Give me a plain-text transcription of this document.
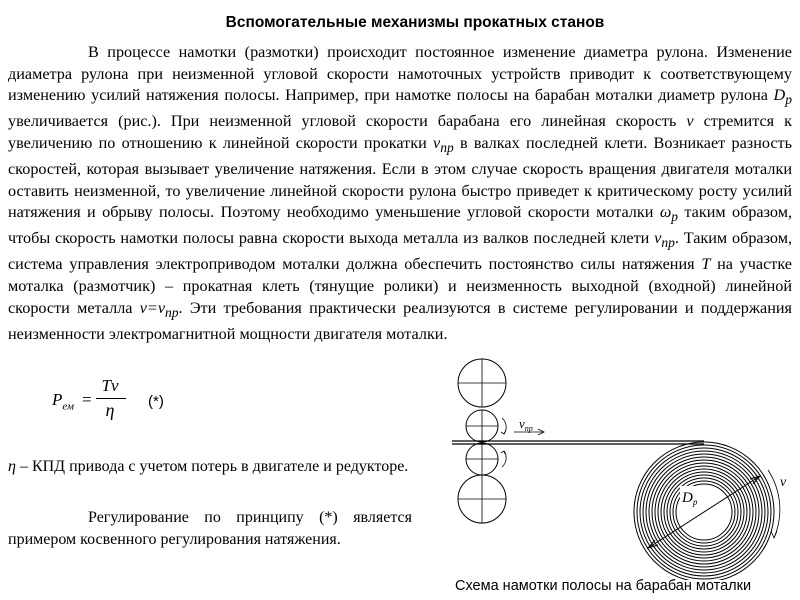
Вспомогательные механизмы прокатных станов

В процессе намотки (размотки) происходит постоянное изменение диаметра рулона. Изменение диаметра рулона при неизменной угловой скорости намоточных устройств приводит к соответствующему изменению усилий натяжения полосы. Например, при намотке полосы на барабан моталки диаметр рулона $D_p$ увеличивается (рис.). При неизменной угловой скорости барабана его линейная скорость v стремится к увеличению по отношению к линейной скорости прокатки $v_{пр}$ в валках последней клети. Возникает разность скоростей, которая вызывает увеличение натяжения. Если в этом случае скорость вращения двигателя моталки оставить неизменной, то увеличение линейной скорости рулона быстро приведет к критическому росту усилий натяжения и обрыву полосы. Поэтому необходимо уменьшение угловой скорости моталки $\omega_р$ таким образом, чтобы скорость намотки полосы равна скорости выхода металла из валков последней клети $v_{пр}$. Таким образом, система управления электроприводом моталки должна обеспечить постоянство силы натяжения T на участке моталка (размотчик) – прокатная клеть (тянущие ролики) и неизменность выходной (входной) линейной скорости металла $v=v_{пр}$. Эти требования практически реализуются в системе регулировании и поддержания неизменности электромагнитной мощности двигателя моталки.

$P_{ем}$ =
Tv
η	(*)
η – КПД привода с учетом потерь в двигателе и редукторе.

Регулирование по принципу (*) является примером косвенного регулирования натяжения.

$v_{пр}$
$D_p$
v
Схема намотки полосы на барабан моталки
